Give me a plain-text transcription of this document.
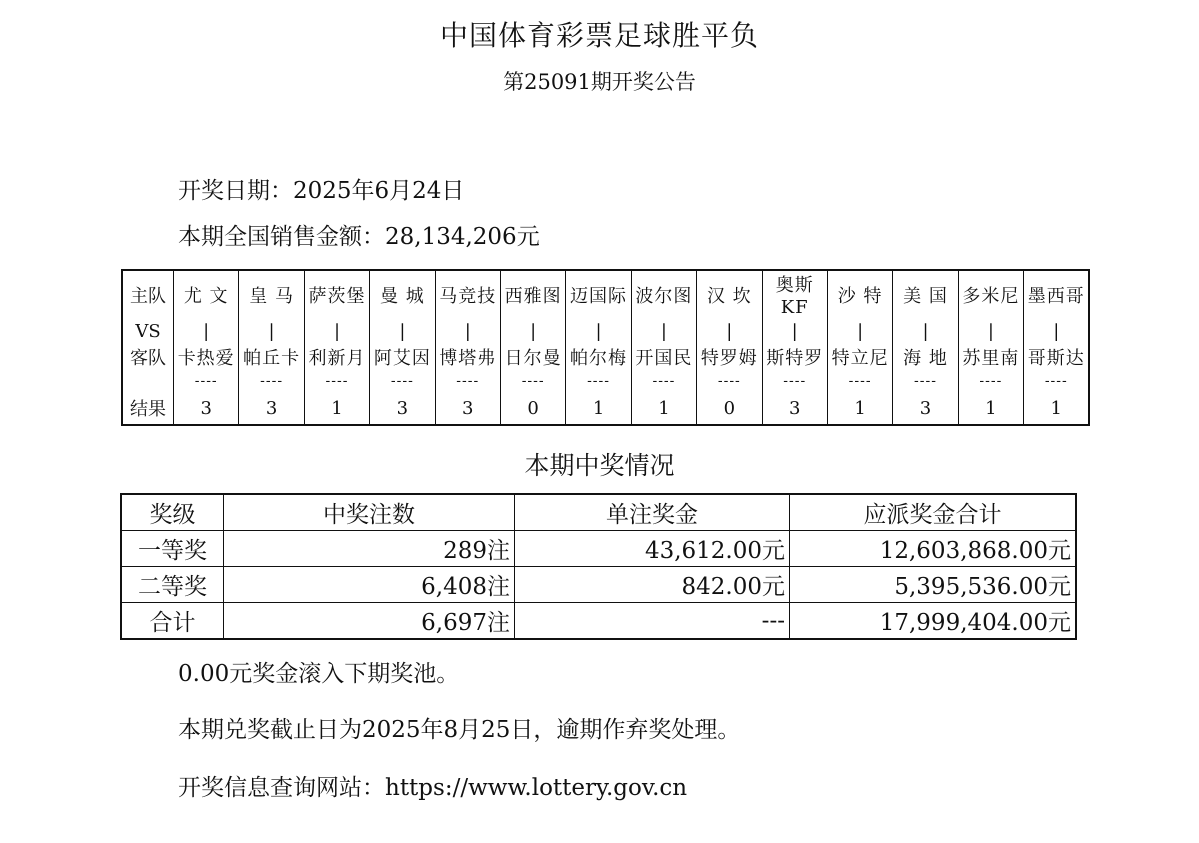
中国体育彩票足球胜平负
第25091期开奖公告
开奖日期：2025年6月24日
本期全国销售金额：28,134,206元
主队	尤 文	皇 马	萨茨堡	曼 城	马竞技	西雅图	迈国际	波尔图	汉 坎	奥斯KF	沙 特	美 国	多米尼	墨西哥
VS	|	|	|	|	|	|	|	|	|	|	|	|	|	|
客队	卡热爱	帕丘卡	利新月	阿艾因	博塔弗	日尔曼	帕尔梅	开国民	特罗姆	斯特罗	特立尼	海 地	苏里南	哥斯达
	----	----	----	----	----	----	----	----	----	----	----	----	----	----
结果	3	3	1	3	3	0	1	1	0	3	1	3	1	1
本期中奖情况
奖级	中奖注数	单注奖金	应派奖金合计
一等奖	289注	43,612.00元	12,603,868.00元
二等奖	6,408注	842.00元	5,395,536.00元
合计	6,697注	---	17,999,404.00元
0.00元奖金滚入下期奖池。
本期兑奖截止日为2025年8月25日，逾期作弃奖处理。
开奖信息查询网站：https://www.lottery.gov.cn
